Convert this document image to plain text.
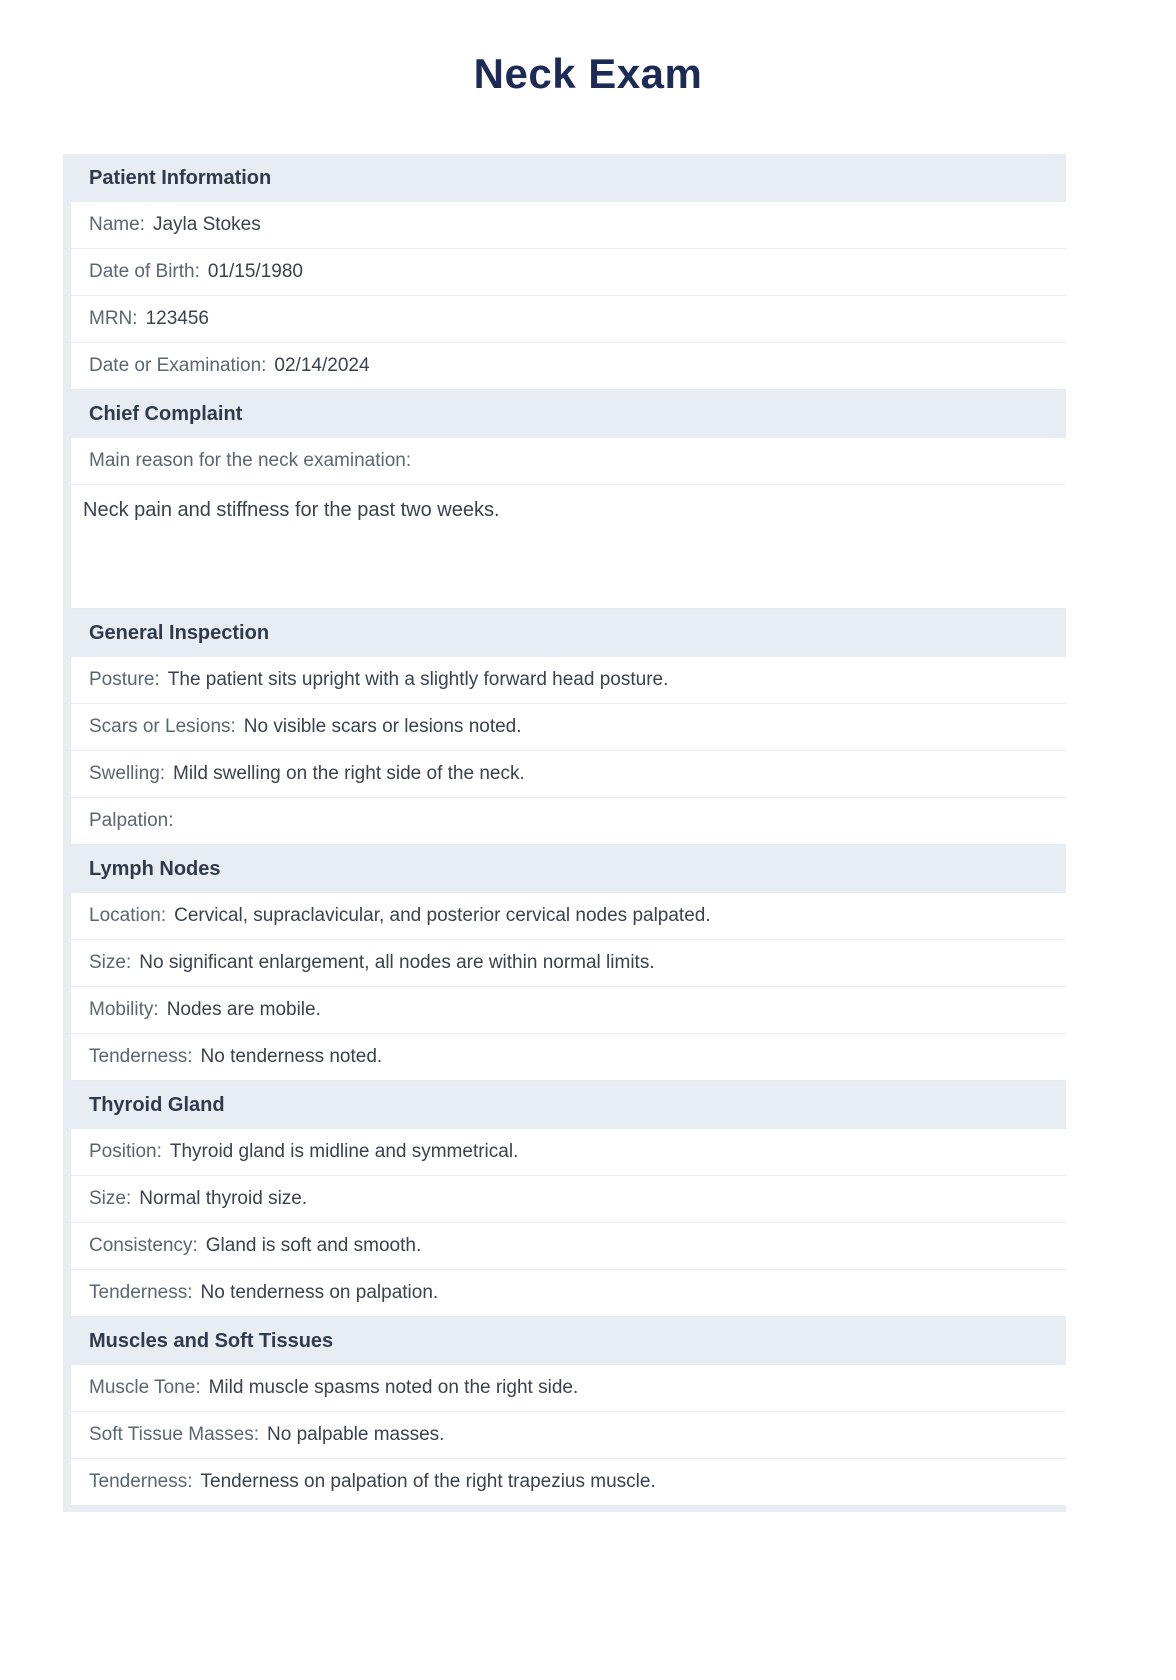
Neck Exam
Patient Information
Name: Jayla Stokes
Date of Birth: 01/15/1980
MRN: 123456
Date or Examination: 02/14/2024
Chief Complaint
Main reason for the neck examination:
Neck pain and stiffness for the past two weeks.
General Inspection
Posture: The patient sits upright with a slightly forward head posture.
Scars or Lesions: No visible scars or lesions noted.
Swelling: Mild swelling on the right side of the neck.
Palpation:
Lymph Nodes
Location: Cervical, supraclavicular, and posterior cervical nodes palpated.
Size: No significant enlargement, all nodes are within normal limits.
Mobility: Nodes are mobile.
Tenderness: No tenderness noted.
Thyroid Gland
Position: Thyroid gland is midline and symmetrical.
Size: Normal thyroid size.
Consistency: Gland is soft and smooth.
Tenderness: No tenderness on palpation.
Muscles and Soft Tissues
Muscle Tone: Mild muscle spasms noted on the right side.
Soft Tissue Masses: No palpable masses.
Tenderness: Tenderness on palpation of the right trapezius muscle.
